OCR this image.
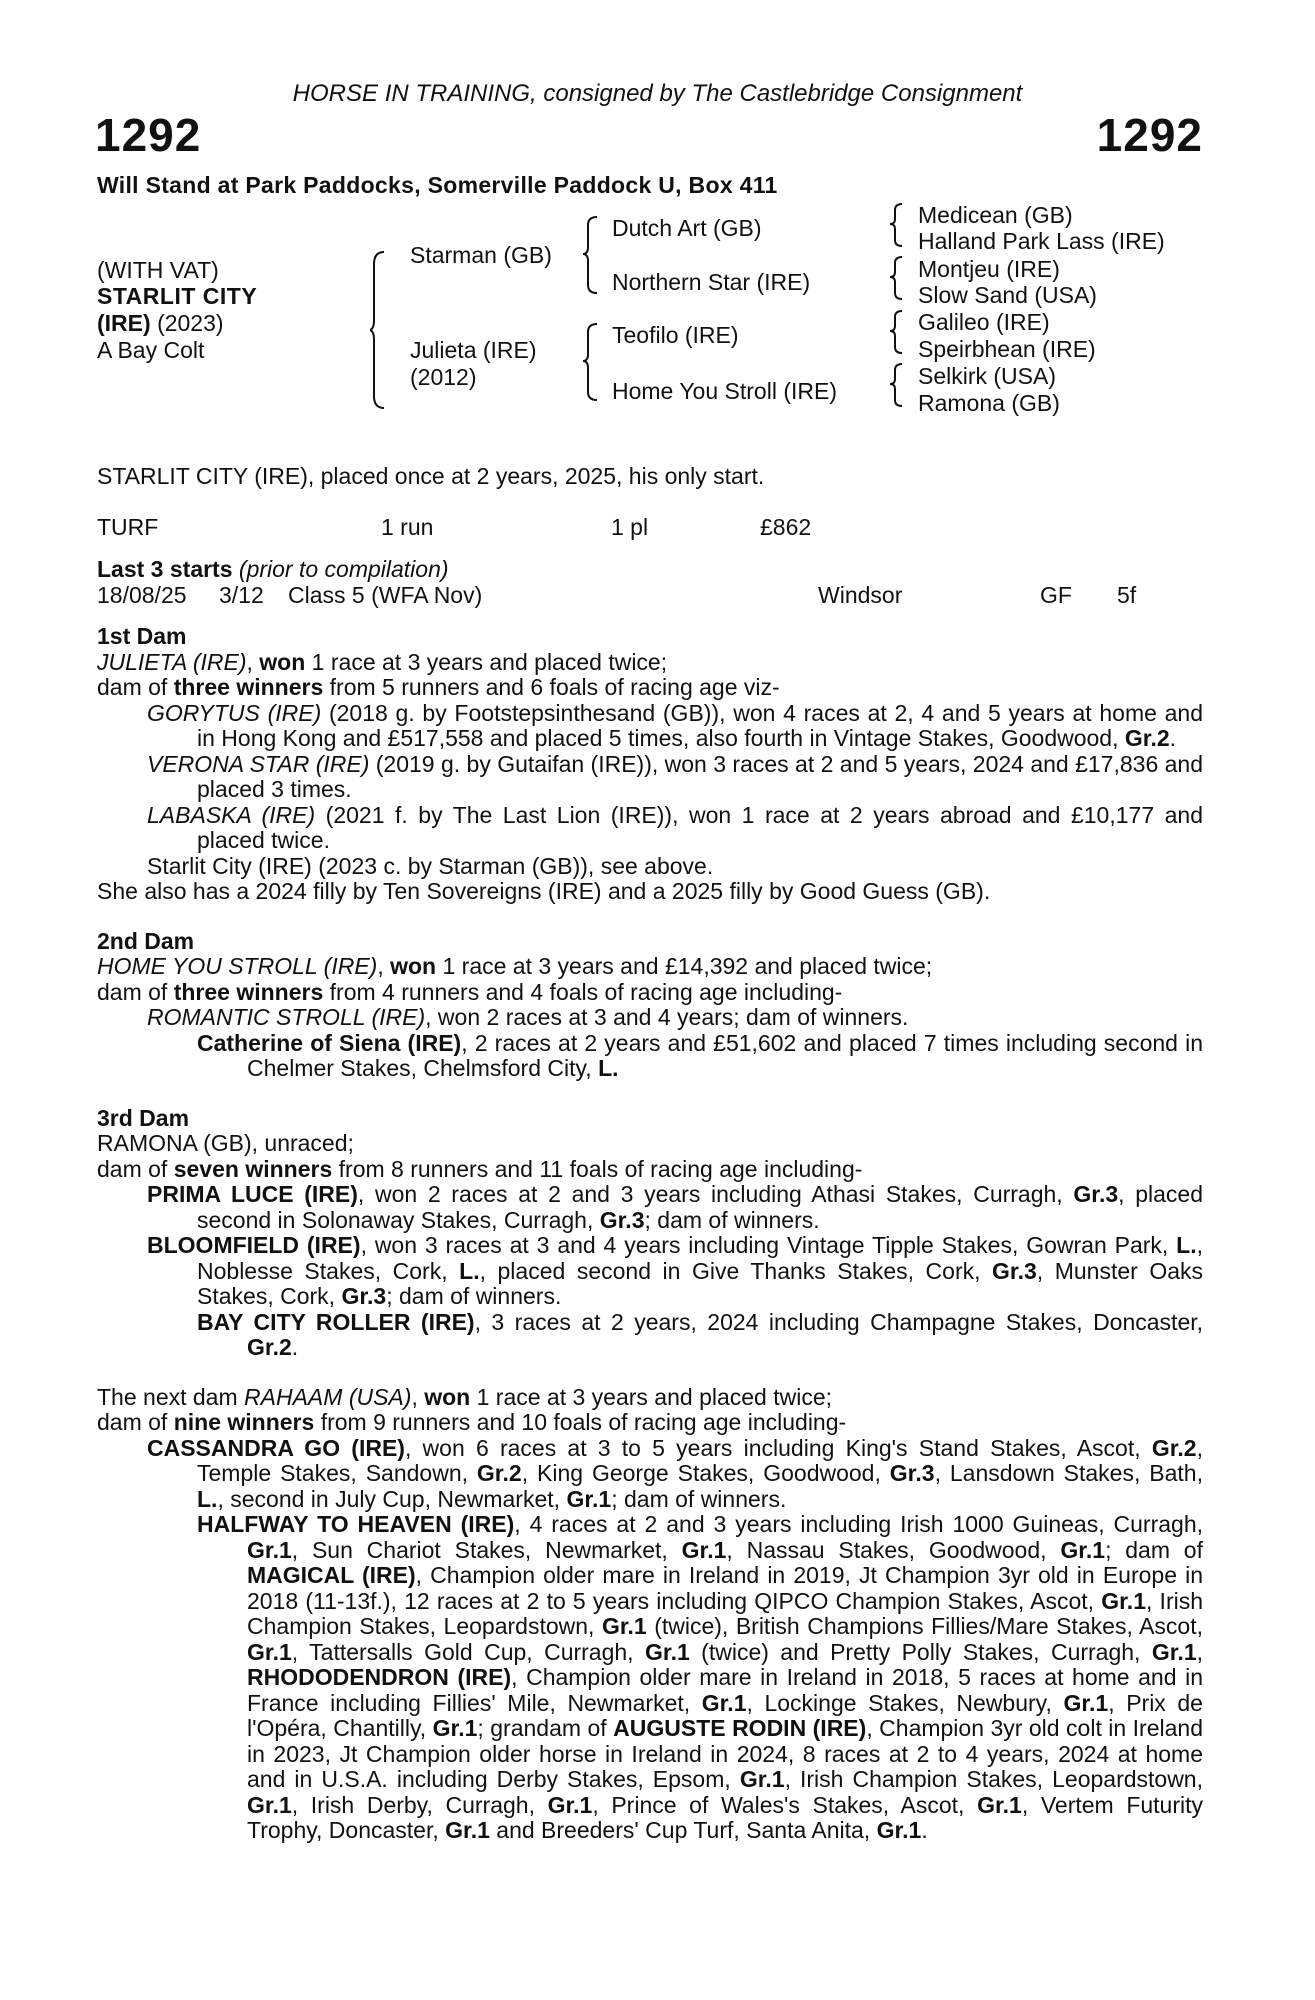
HORSE IN TRAINING, consigned by The Castlebridge Consignment
1292	1292
Will Stand at Park Paddocks, Somerville Paddock U, Box 411
(WITH VAT)
STARLIT CITY
(IRE) (2023)
A Bay Colt
Starman (GB)
Julieta (IRE)
(2012)
Dutch Art (GB)
Northern Star (IRE)
Teofilo (IRE)
Home You Stroll (IRE)
Medicean (GB)
Halland Park Lass (IRE)
Montjeu (IRE)
Slow Sand (USA)
Galileo (IRE)
Speirbhean (IRE)
Selkirk (USA)
Ramona (GB)
STARLIT CITY (IRE), placed once at 2 years, 2025, his only start.
TURF	1 run	1 pl	£862
Last 3 starts (prior to compilation)
18/08/25 3/12 Class 5 (WFA Nov)	Windsor	GF 5f
1st Dam

JULIETA (IRE), won 1 race at 3 years and placed twice;

dam of three winners from 5 runners and 6 foals of racing age viz-

GORYTUS (IRE) (2018 g. by Footstepsinthesand (GB)), won 4 races at 2, 4 and 5 years at home and in Hong Kong and £517,558 and placed 5 times, also fourth in Vintage Stakes, Goodwood, Gr.2.

VERONA STAR (IRE) (2019 g. by Gutaifan (IRE)), won 3 races at 2 and 5 years, 2024 and £17,836 and placed 3 times.

LABASKA (IRE) (2021 f. by The Last Lion (IRE)), won 1 race at 2 years abroad and £10,177 and placed twice.

Starlit City (IRE) (2023 c. by Starman (GB)), see above.

She also has a 2024 filly by Ten Sovereigns (IRE) and a 2025 filly by Good Guess (GB).

2nd Dam

HOME YOU STROLL (IRE), won 1 race at 3 years and £14,392 and placed twice;

dam of three winners from 4 runners and 4 foals of racing age including-

ROMANTIC STROLL (IRE), won 2 races at 3 and 4 years; dam of winners.

Catherine of Siena (IRE), 2 races at 2 years and £51,602 and placed 7 times including second in Chelmer Stakes, Chelmsford City, L.

3rd Dam

RAMONA (GB), unraced;

dam of seven winners from 8 runners and 11 foals of racing age including-

PRIMA LUCE (IRE), won 2 races at 2 and 3 years including Athasi Stakes, Curragh, Gr.3, placed second in Solonaway Stakes, Curragh, Gr.3; dam of winners.

BLOOMFIELD (IRE), won 3 races at 3 and 4 years including Vintage Tipple Stakes, Gowran Park, L., Noblesse Stakes, Cork, L., placed second in Give Thanks Stakes, Cork, Gr.3, Munster Oaks Stakes, Cork, Gr.3; dam of winners.

BAY CITY ROLLER (IRE), 3 races at 2 years, 2024 including Champagne Stakes, Doncaster, Gr.2.

The next dam RAHAAM (USA), won 1 race at 3 years and placed twice;

dam of nine winners from 9 runners and 10 foals of racing age including-

CASSANDRA GO (IRE), won 6 races at 3 to 5 years including King's Stand Stakes, Ascot, Gr.2, Temple Stakes, Sandown, Gr.2, King George Stakes, Goodwood, Gr.3, Lansdown Stakes, Bath, L., second in July Cup, Newmarket, Gr.1; dam of winners.

HALFWAY TO HEAVEN (IRE), 4 races at 2 and 3 years including Irish 1000 Guineas, Curragh, Gr.1, Sun Chariot Stakes, Newmarket, Gr.1, Nassau Stakes, Goodwood, Gr.1; dam of MAGICAL (IRE), Champion older mare in Ireland in 2019, Jt Champion 3yr old in Europe in 2018 (11-13f.), 12 races at 2 to 5 years including QIPCO Champion Stakes, Ascot, Gr.1, Irish Champion Stakes, Leopardstown, Gr.1 (twice), British Champions Fillies/Mare Stakes, Ascot, Gr.1, Tattersalls Gold Cup, Curragh, Gr.1 (twice) and Pretty Polly Stakes, Curragh, Gr.1, RHODODENDRON (IRE), Champion older mare in Ireland in 2018, 5 races at home and in France including Fillies' Mile, Newmarket, Gr.1, Lockinge Stakes, Newbury, Gr.1, Prix de l'Opéra, Chantilly, Gr.1; grandam of AUGUSTE RODIN (IRE), Champion 3yr old colt in Ireland in 2023, Jt Champion older horse in Ireland in 2024, 8 races at 2 to 4 years, 2024 at home and in U.S.A. including Derby Stakes, Epsom, Gr.1, Irish Champion Stakes, Leopardstown, Gr.1, Irish Derby, Curragh, Gr.1, Prince of Wales's Stakes, Ascot, Gr.1, Vertem Futurity Trophy, Doncaster, Gr.1 and Breeders' Cup Turf, Santa Anita, Gr.1.
